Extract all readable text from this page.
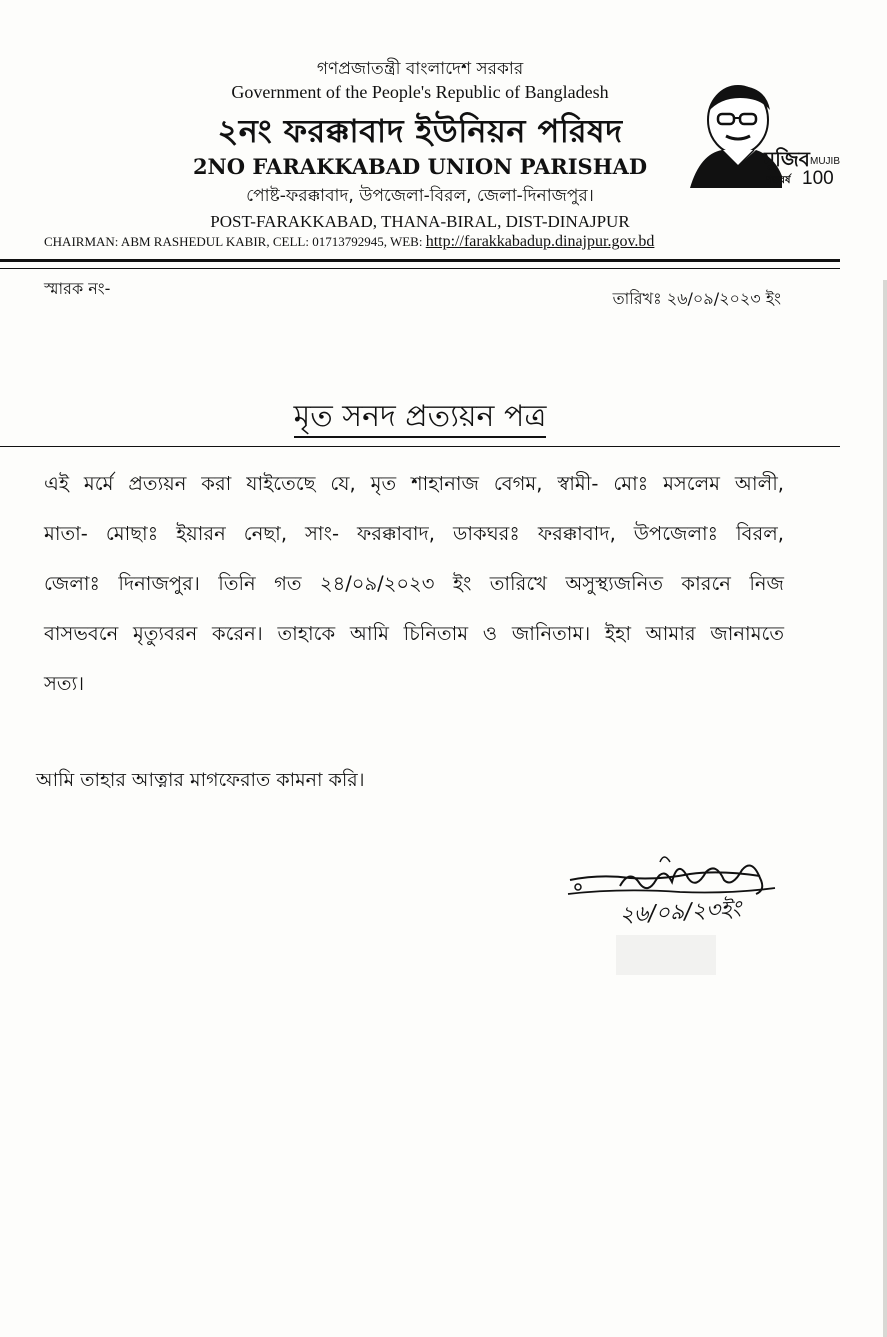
গণপ্রজাতন্ত্রী বাংলাদেশ সরকার
Government of the People's Republic of Bangladesh
২নং ফরক্কাবাদ ইউনিয়ন পরিষদ
2NO FARAKKABAD UNION PARISHAD
পোষ্ট-ফরক্কাবাদ, উপজেলা-বিরল, জেলা-দিনাজপুর।
POST-FARAKKABAD, THANA-BIRAL, DIST-DINAJPUR
CHAIRMAN: ABM RASHEDUL KABIR, CELL: 01713792945, WEB: http://farakkabadup.dinajpur.gov.bd
মুজিব
শতবর্ষ
MUJIB
100
স্মারক নং-
তারিখঃ ২৬/০৯/২০২৩ ইং
মৃত সনদ প্রত্যয়ন পত্র
এই মর্মে প্রত্যয়ন করা যাইতেছে যে, মৃত শাহানাজ বেগম, স্বামী- মোঃ মসলেম আলী,
মাতা- মোছাঃ ইয়ারন নেছা, সাং- ফরক্কাবাদ, ডাকঘরঃ ফরক্কাবাদ, উপজেলাঃ বিরল,
জেলাঃ দিনাজপুর। তিনি গত ২৪/০৯/২০২৩ ইং তারিখে অসুস্থ্যজনিত কারনে নিজ
বাসভবনে মৃত্যুবরন করেন। তাহাকে আমি চিনিতাম ও জানিতাম। ইহা আমার জানামতে
সত্য।
আমি তাহার আত্নার মাগফেরাত কামনা করি।
২৬/০৯/২৩ইং
